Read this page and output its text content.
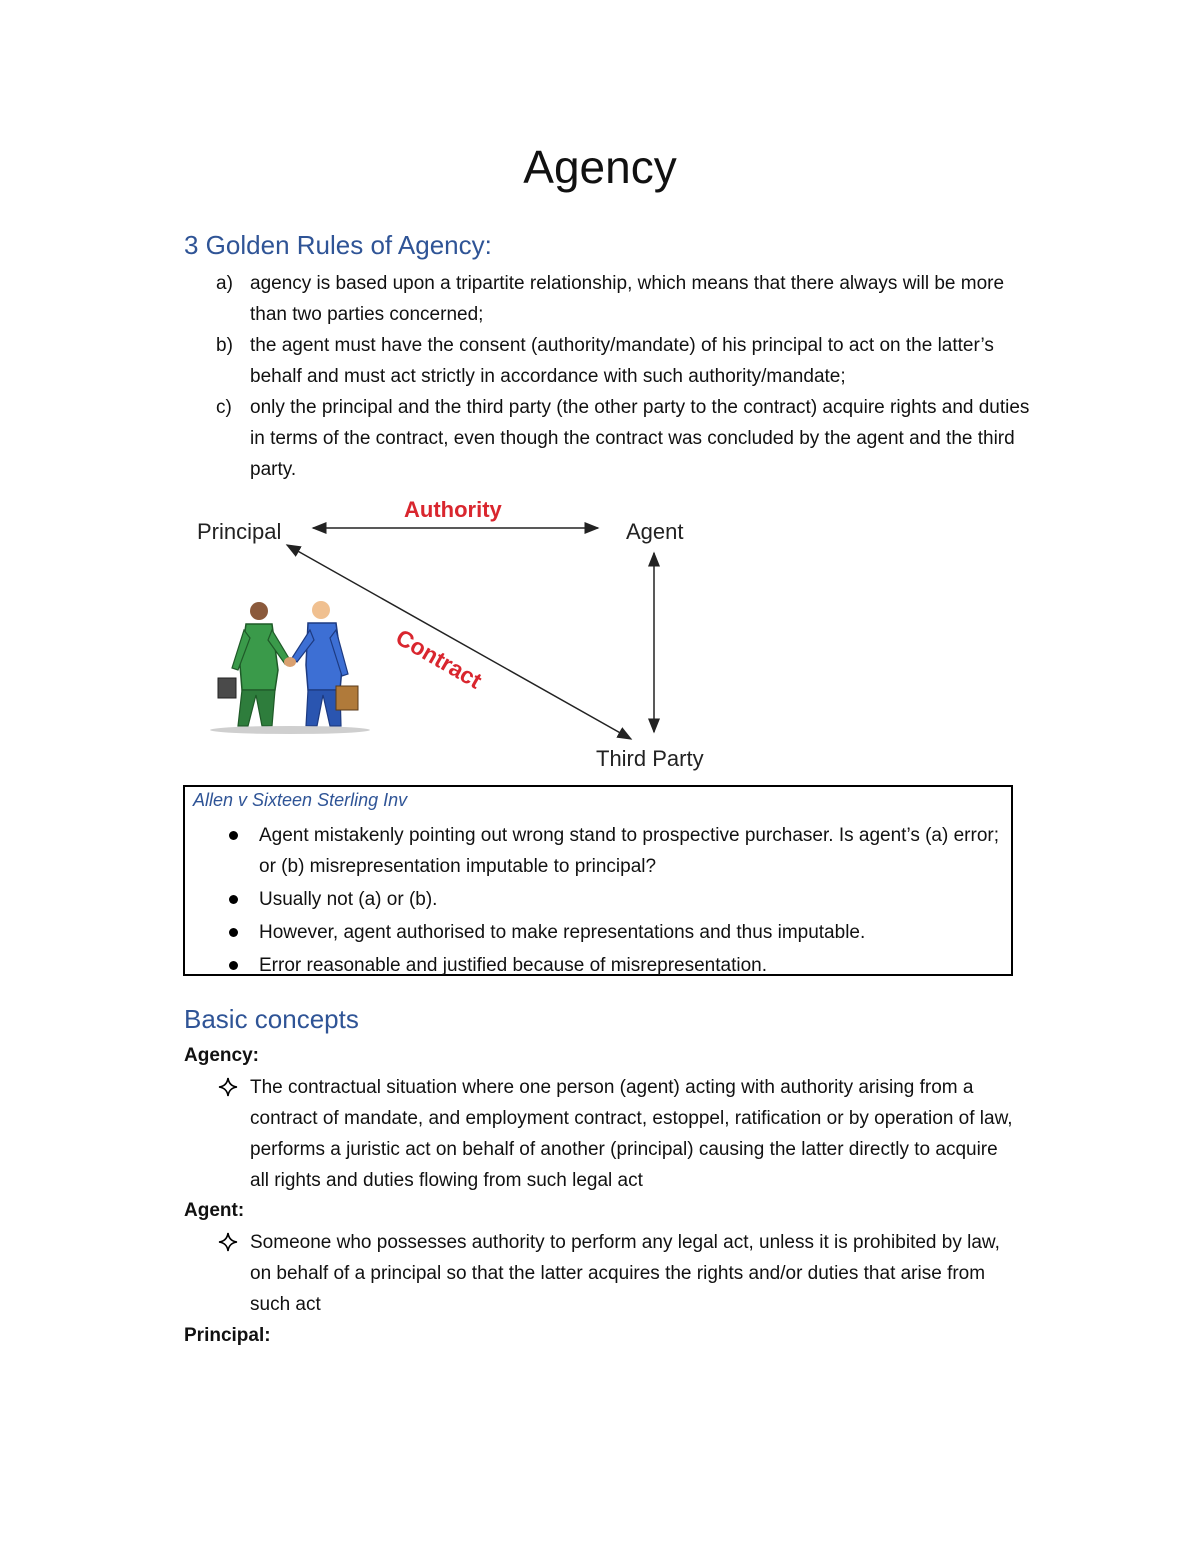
Agency
3 Golden Rules of Agency:
a) agency is based upon a tripartite relationship, which means that there always will be more than two parties concerned;
b) the agent must have the consent (authority/mandate) of his principal to act on the latter’s behalf and must act strictly in accordance with such authority/mandate;
c) only the principal and the third party (the other party to the contract) acquire rights and duties in terms of the contract, even though the contract was concluded by the agent and the third party.
Principal	Agent
Third Party
Authority
Contract
Allen v Sixteen Sterling Inv
Agent mistakenly pointing out wrong stand to prospective purchaser. Is agent’s (a) error; or (b) misrepresentation imputable to principal?
Usually not (a) or (b).
However, agent authorised to make representations and thus imputable.
Error reasonable and justified because of misrepresentation.
Basic concepts
Agency:
The contractual situation where one person (agent) acting with authority arising from a contract of mandate, and employment contract, estoppel, ratification or by operation of law, performs a juristic act on behalf of another (principal) causing the latter directly to acquire all rights and duties flowing from such legal act
Agent:
Someone who possesses authority to perform any legal act, unless it is prohibited by law, on behalf of a principal so that the latter acquires the rights and/or duties that arise from such act
Principal:
